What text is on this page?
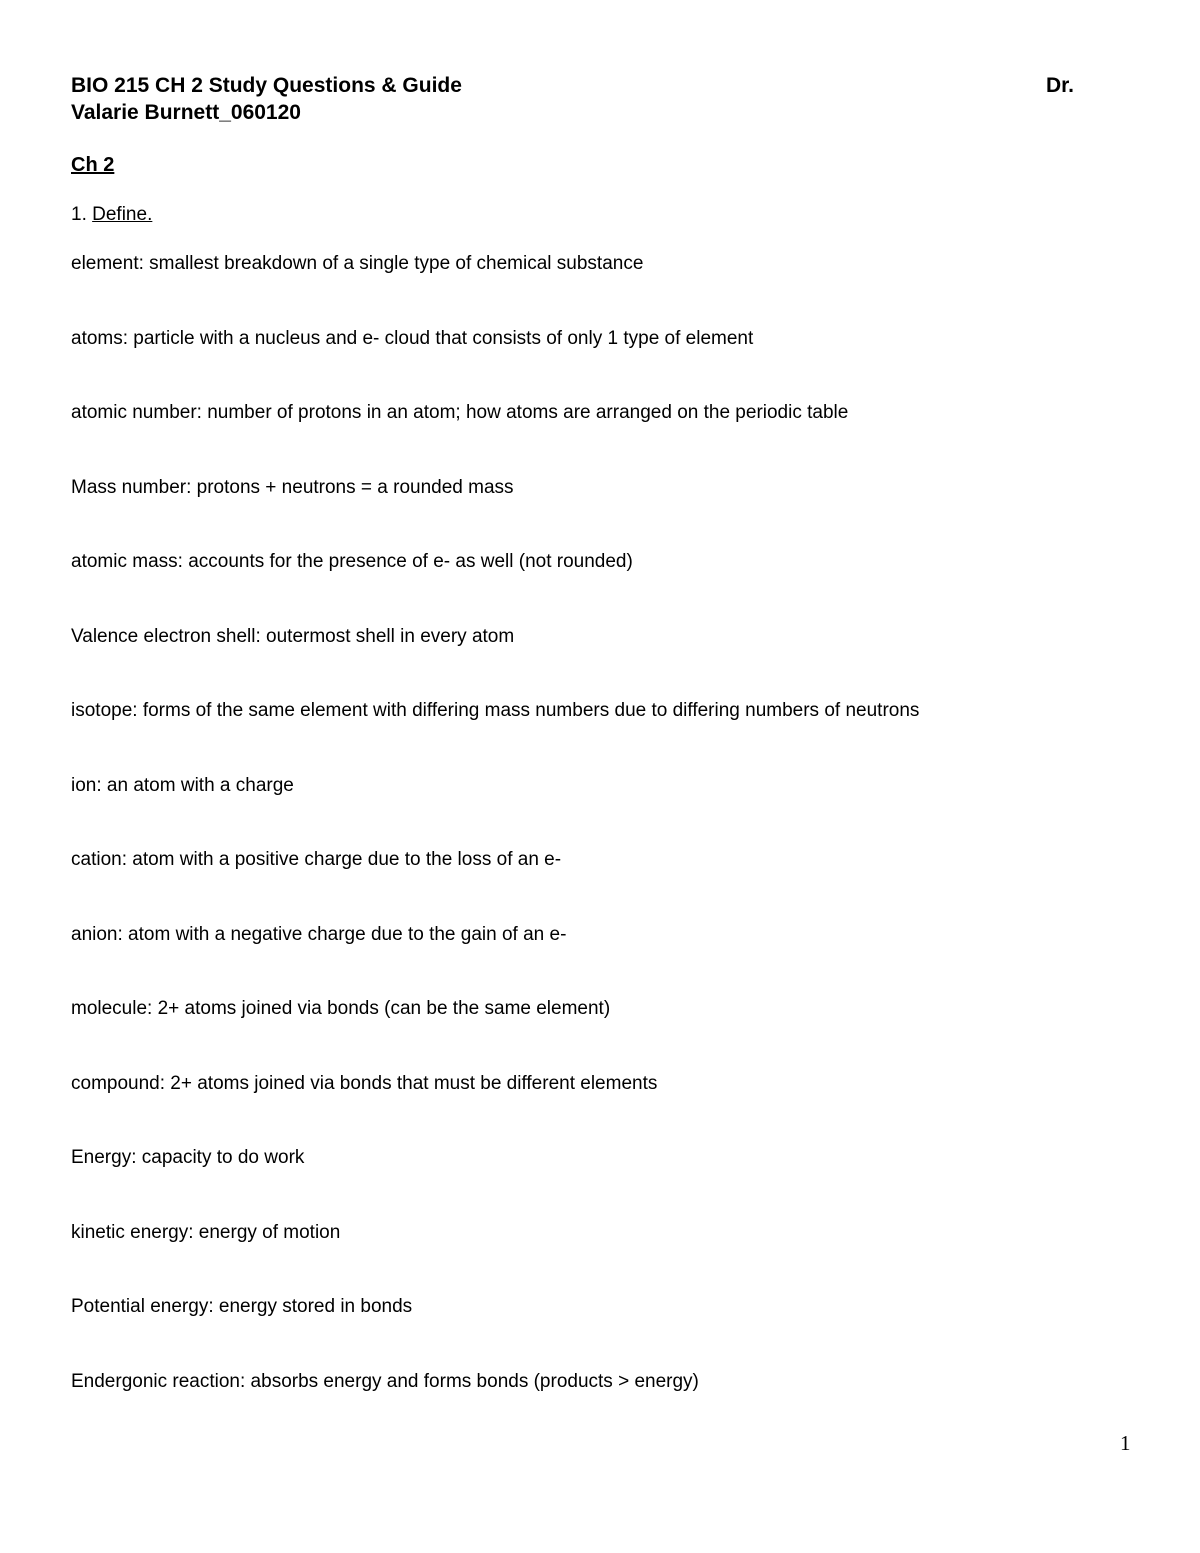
BIO 215 CH 2 Study Questions & Guide	Dr.
Valarie Burnett_060120
Ch 2
1. Define.
element: smallest breakdown of a single type of chemical substance
atoms: particle with a nucleus and e- cloud that consists of only 1 type of element
atomic number: number of protons in an atom; how atoms are arranged on the periodic table
Mass number: protons + neutrons = a rounded mass
atomic mass: accounts for the presence of e- as well (not rounded)
Valence electron shell: outermost shell in every atom
isotope: forms of the same element with differing mass numbers due to differing numbers of neutrons
ion: an atom with a charge
cation: atom with a positive charge due to the loss of an e-
anion: atom with a negative charge due to the gain of an e-
molecule: 2+ atoms joined via bonds (can be the same element)
compound: 2+ atoms joined via bonds that must be different elements
Energy: capacity to do work
kinetic energy: energy of motion
Potential energy: energy stored in bonds
Endergonic reaction: absorbs energy and forms bonds (products > energy)
1
